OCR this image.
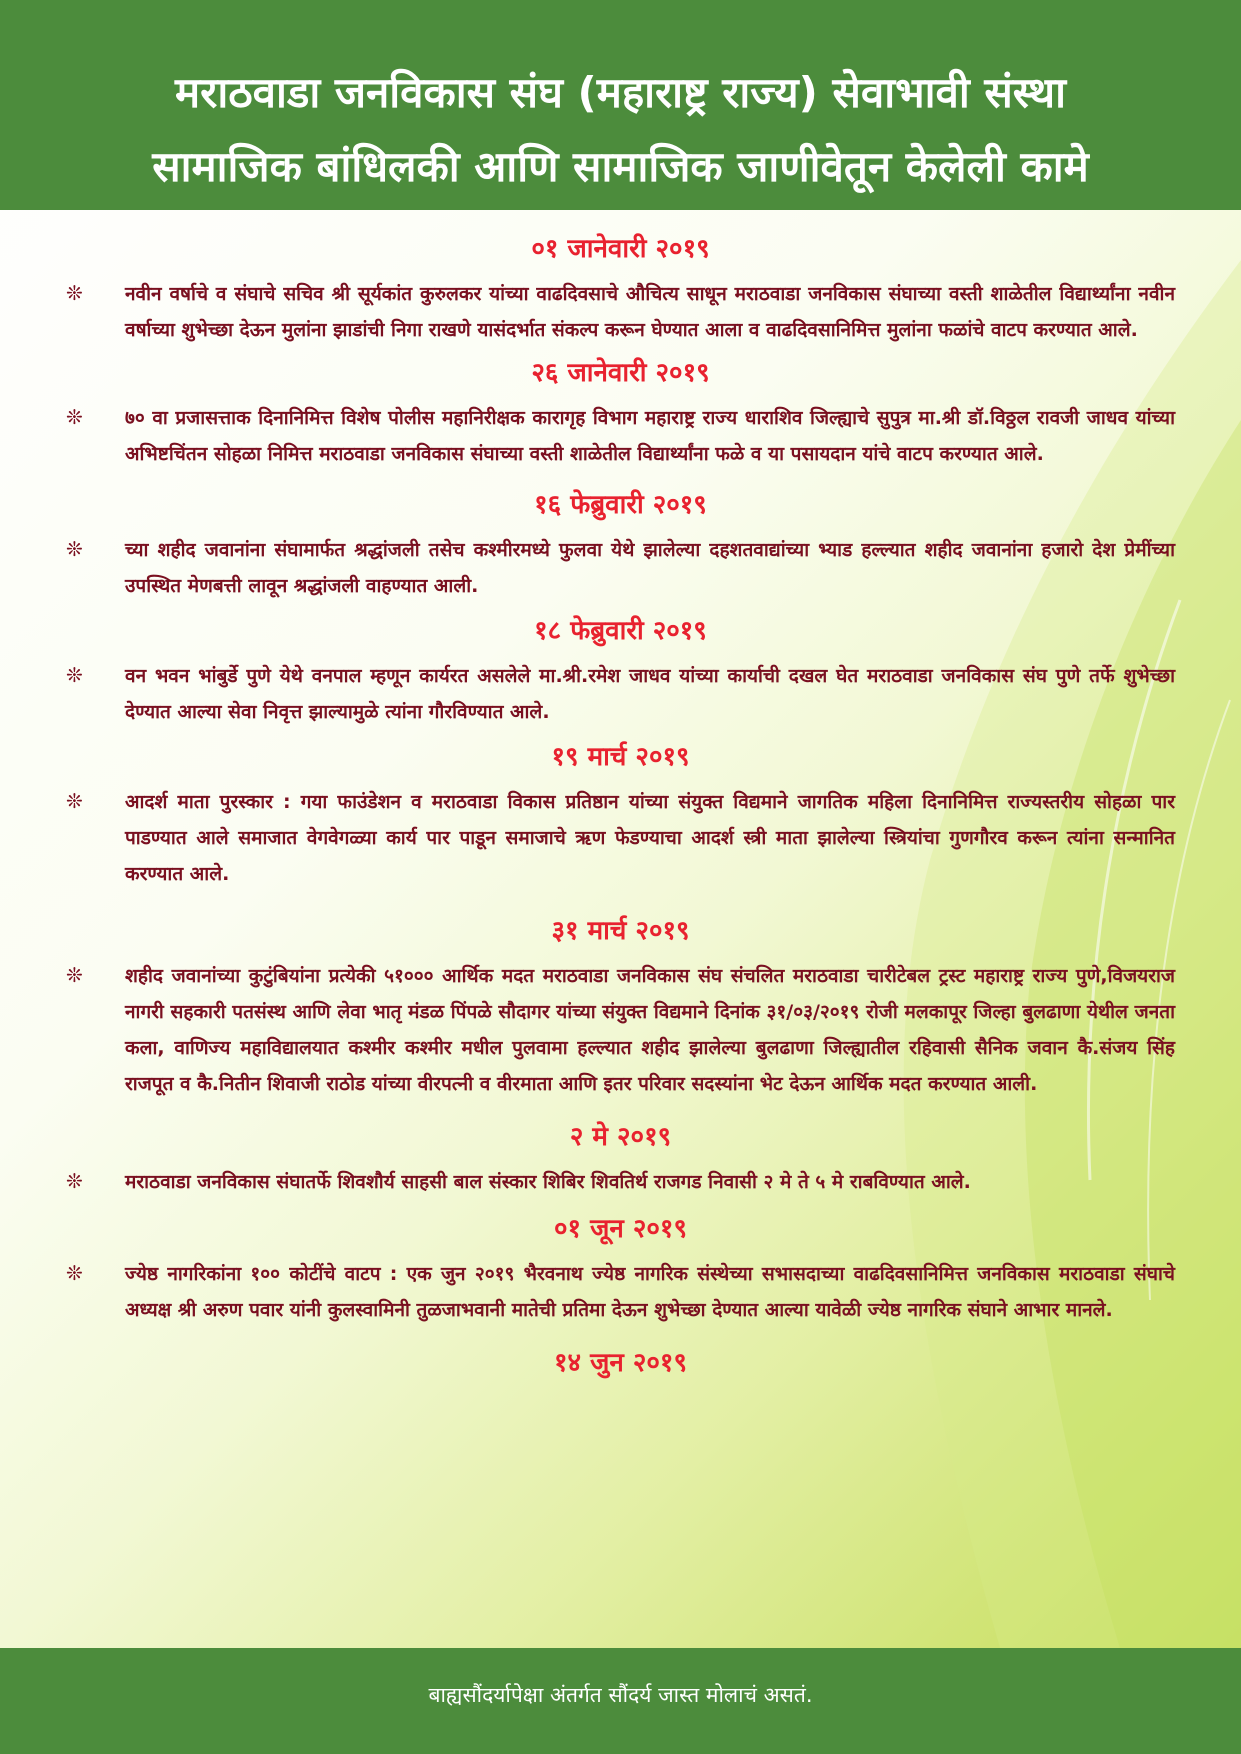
मराठवाडा जनविकास संघ (महाराष्ट्र राज्य) सेवाभावी संस्था
सामाजिक बांधिलकी आणि सामाजिक जाणीवेतून केलेली कामे
०१ जानेवारी २०१९
❊ नवीन वर्षाचे व संघाचे सचिव श्री सूर्यकांत कुरुलकर यांच्या वाढदिवसाचे औचित्य साधून मराठवाडा जनविकास संघाच्या वस्ती शाळेतील विद्यार्थ्यांना नवीन वर्षाच्या शुभेच्छा देऊन मुलांना झाडांची निगा राखणे यासंदर्भात संकल्प करून घेण्यात आला व वाढदिवसानिमित्त मुलांना फळांचे वाटप करण्यात आले.
२६ जानेवारी २०१९
❊ ७० वा प्रजासत्ताक दिनानिमित्त विशेष पोलीस महानिरीक्षक कारागृह विभाग महाराष्ट्र राज्य धाराशिव जिल्ह्याचे सुपुत्र मा.श्री डॉ.विठ्ठल रावजी जाधव यांच्या अभिष्टचिंतन सोहळा निमित्त मराठवाडा जनविकास संघाच्या वस्ती शाळेतील विद्यार्थ्यांना फळे व या पसायदान यांचे वाटप करण्यात आले.
१६ फेब्रुवारी २०१९
❊ च्या शहीद जवानांना संघामार्फत श्रद्धांजली तसेच कश्मीरमध्ये फुलवा येथे झालेल्या दहशतवाद्यांच्या भ्याड हल्ल्यात शहीद जवानांना हजारो देश प्रेमींच्या उपस्थित मेणबत्ती लावून श्रद्धांजली वाहण्यात आली.
१८ फेब्रुवारी २०१९
❊ वन भवन भांबुर्डे पुणे येथे वनपाल म्हणून कार्यरत असलेले मा.श्री.रमेश जाधव यांच्या कार्याची दखल घेत मराठवाडा जनविकास संघ पुणे तर्फे शुभेच्छा देण्यात आल्या सेवा निवृत्त झाल्यामुळे त्यांना गौरविण्यात आले.
१९ मार्च २०१९
❊ आदर्श माता पुरस्कार : गया फाउंडेशन व मराठवाडा विकास प्रतिष्ठान यांच्या संयुक्त विद्यमाने जागतिक महिला दिनानिमित्त राज्यस्तरीय सोहळा पार पाडण्यात आले समाजात वेगवेगळ्या कार्य पार पाडून समाजाचे ऋण फेडण्याचा आदर्श स्त्री माता झालेल्या स्त्रियांचा गुणगौरव करून त्यांना सन्मानित करण्यात आले.
३१ मार्च २०१९
❊ शहीद जवानांच्या कुटुंबियांना प्रत्येकी ५१००० आर्थिक मदत मराठवाडा जनविकास संघ संचलित मराठवाडा चारीटेबल ट्रस्ट महाराष्ट्र राज्य पुणे,विजयराज नागरी सहकारी पतसंस्थ आणि लेवा भातृ मंडळ पिंपळे सौदागर यांच्या संयुक्त विद्यमाने दिनांक ३१/०३/२०१९ रोजी मलकापूर जिल्हा बुलढाणा येथील जनता कला, वाणिज्य महाविद्यालयात कश्मीर कश्मीर मधील पुलवामा हल्ल्यात शहीद झालेल्या बुलढाणा जिल्ह्यातील रहिवासी सैनिक जवान कै.संजय सिंह राजपूत व कै.नितीन शिवाजी राठोड यांच्या वीरपत्नी व वीरमाता आणि इतर परिवार सदस्यांना भेट देऊन आर्थिक मदत करण्यात आली.
२ मे २०१९
❊ मराठवाडा जनविकास संघातर्फे शिवशौर्य साहसी बाल संस्कार शिबिर शिवतिर्थ राजगड निवासी २ मे ते ५ मे राबविण्यात आले.
०१ जून २०१९
❊ ज्येष्ठ नागरिकांना १०० कोटींचे वाटप : एक जुन २०१९ भैरवनाथ ज्येष्ठ नागरिक संस्थेच्या सभासदाच्या वाढदिवसानिमित्त जनविकास मराठवाडा संघाचे अध्यक्ष श्री अरुण पवार यांनी कुलस्वामिनी तुळजाभवानी मातेची प्रतिमा देऊन शुभेच्छा देण्यात आल्या यावेळी ज्येष्ठ नागरिक संघाने आभार मानले.
१४ जुन २०१९
बाह्यसौंदर्यापेक्षा अंतर्गत सौंदर्य जास्त मोलाचं असतं.
